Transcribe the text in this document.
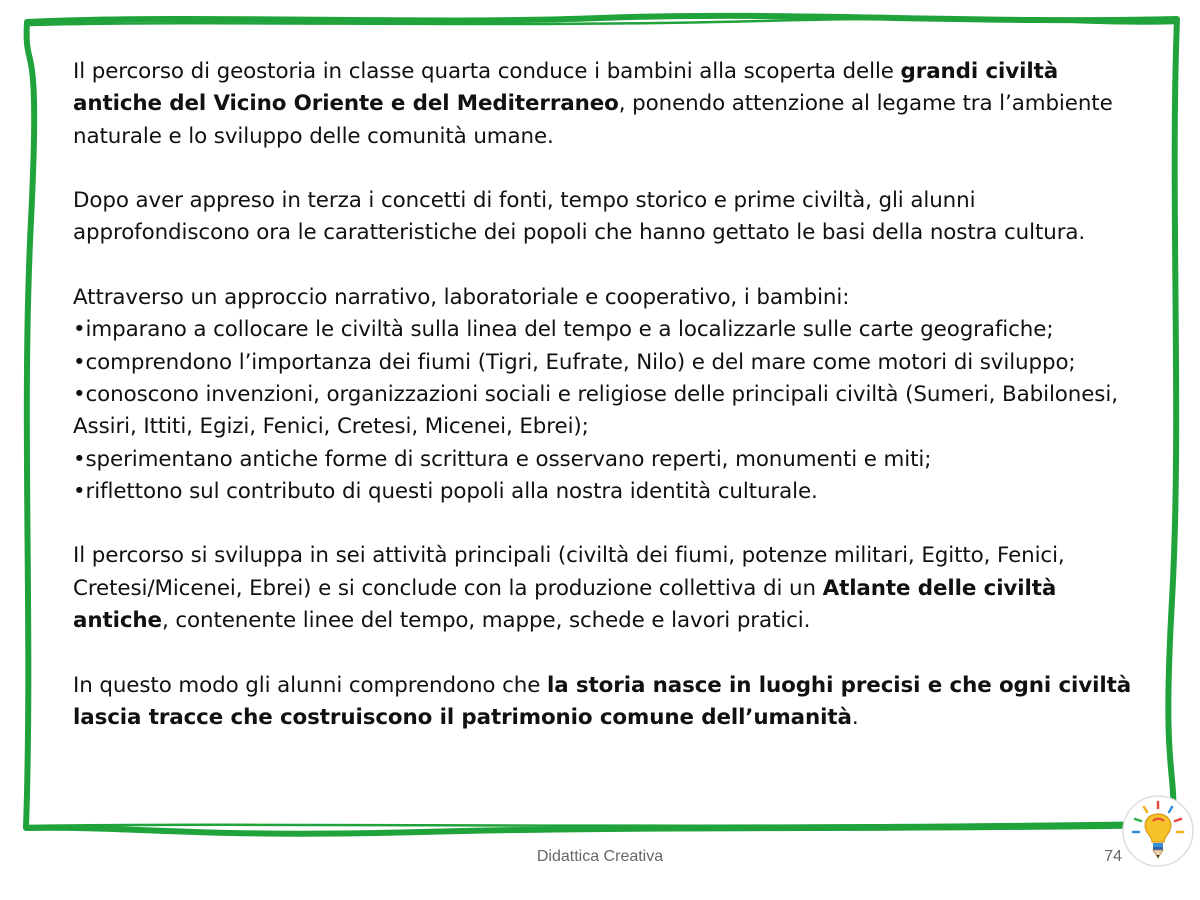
Il percorso di geostoria in classe quarta conduce i bambini alla scoperta delle grandi civiltà antiche del Vicino Oriente e del Mediterraneo, ponendo attenzione al legame tra l’ambiente naturale e lo sviluppo delle comunità umane.

Dopo aver appreso in terza i concetti di fonti, tempo storico e prime civiltà, gli alunni approfondiscono ora le caratteristiche dei popoli che hanno gettato le basi della nostra cultura.

Attraverso un approccio narrativo, laboratoriale e cooperativo, i bambini:

•imparano a collocare le civiltà sulla linea del tempo e a localizzarle sulle carte geografiche;

•comprendono l’importanza dei fiumi (Tigri, Eufrate, Nilo) e del mare come motori di sviluppo;

•conoscono invenzioni, organizzazioni sociali e religiose delle principali civiltà (Sumeri, Babilonesi, Assiri, Ittiti, Egizi, Fenici, Cretesi, Micenei, Ebrei);

•sperimentano antiche forme di scrittura e osservano reperti, monumenti e miti;

•riflettono sul contributo di questi popoli alla nostra identità culturale.

Il percorso si sviluppa in sei attività principali (civiltà dei fiumi, potenze militari, Egitto, Fenici, Cretesi/Micenei, Ebrei) e si conclude con la produzione collettiva di un Atlante delle civiltà antiche, contenente linee del tempo, mappe, schede e lavori pratici.

In questo modo gli alunni comprendono che la storia nasce in luoghi precisi e che ogni civiltà lascia tracce che costruiscono il patrimonio comune dell’umanità.

Didattica Creativa	74
